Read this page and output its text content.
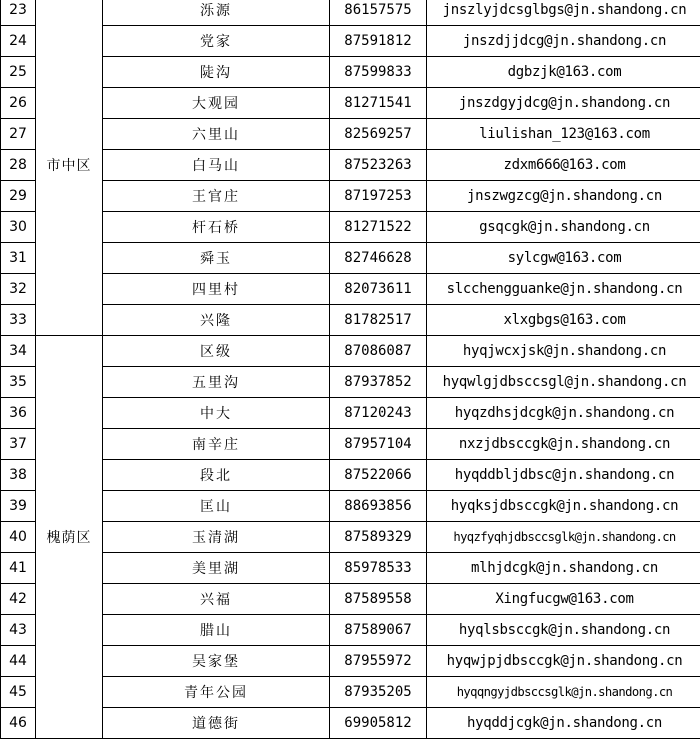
23	市中区	泺源	86157575	jnszlyjdcsglbgs@jn.shandong.cn
24		党家	87591812	jnszdjjdcg@jn.shandong.cn
25		陡沟	87599833	dgbzjk@163.com
26		大观园	81271541	jnszdgyjdcg@jn.shandong.cn
27		六里山	82569257	liulishan_123@163.com
28		白马山	87523263	zdxm666@163.com
29		王官庄	87197253	jnszwgzcg@jn.shandong.cn
30		杆石桥	81271522	gsqcgk@jn.shandong.cn
31		舜玉	82746628	sylcgw@163.com
32		四里村	82073611	slcchengguanke@jn.shandong.cn
33		兴隆	81782517	xlxgbgs@163.com
34	槐荫区	区级	87086087	hyqjwcxjsk@jn.shandong.cn
35		五里沟	87937852	hyqwlgjdbsccsgl@jn.shandong.cn
36		中大	87120243	hyqzdhsjdcgk@jn.shandong.cn
37		南辛庄	87957104	nxzjdbsccgk@jn.shandong.cn
38		段北	87522066	hyqddbljdbsc@jn.shandong.cn
39		匡山	88693856	hyqksjdbsccgk@jn.shandong.cn
40		玉清湖	87589329	hyqzfyqhjdbsccsglk@jn.shandong.cn
41		美里湖	85978533	mlhjdcgk@jn.shandong.cn
42		兴福	87589558	Xingfucgw@163.com
43		腊山	87589067	hyqlsbsccgk@jn.shandong.cn
44		吴家堡	87955972	hyqwjpjdbsccgk@jn.shandong.cn
45		青年公园	87935205	hyqqngyjdbsccsglk@jn.shandong.cn
46		道德街	69905812	hyqddjcgk@jn.shandong.cn
